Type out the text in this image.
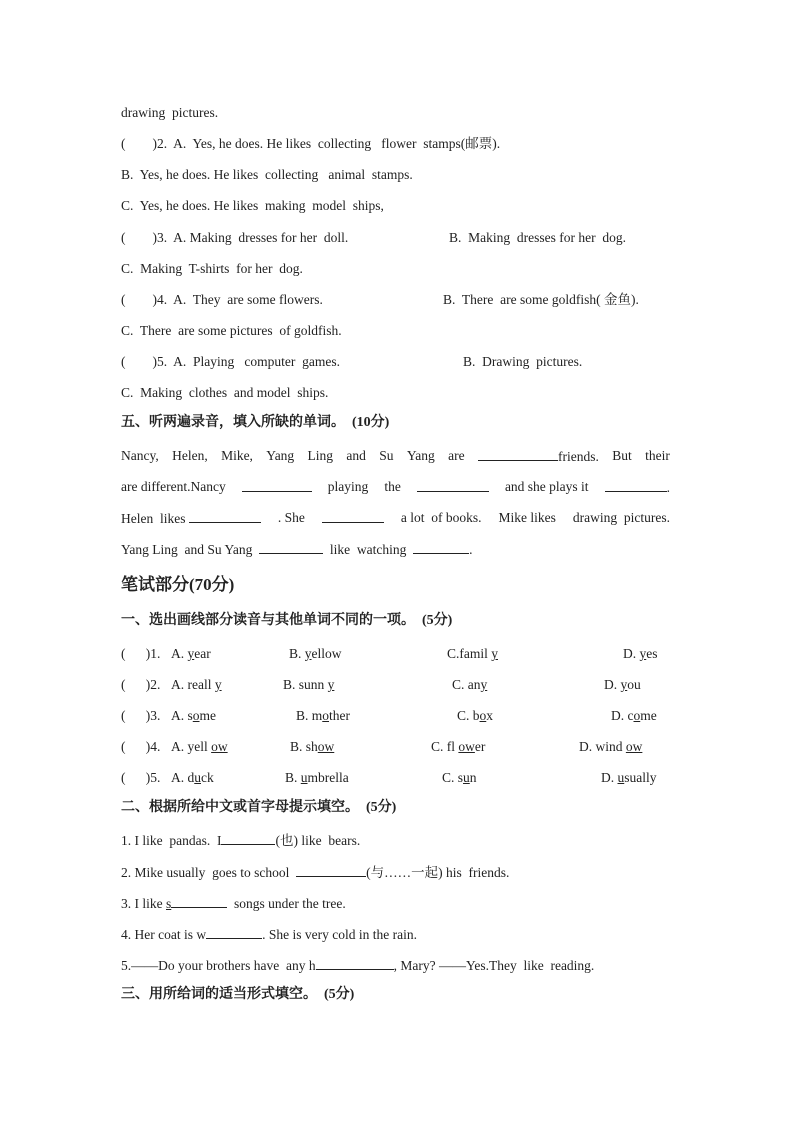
drawing  pictures.
(        )2.  A.  Yes, he does. He likes  collecting   flower  stamps(邮票).
B.  Yes, he does. He likes  collecting   animal  stamps.
C.  Yes, he does. He likes  making  model  ships,
(        )3.  A. Making  dresses for her  doll.	B.  Making  dresses for her  dog.
C.  Making  T-shirts  for her  dog.
(        )4.  A.  They  are some flowers.	B.  There  are some goldfish( 金鱼).
C.  There  are some pictures  of goldfish.
(        )5.  A.  Playing   computer  games.	B.  Drawing  pictures.
C.  Making  clothes  and model  ships.
五、听两遍录音，填入所缺的单词。  (10分)
Nancy, Helen, Mike, Yang Ling and Su Yang are	friends. But their
are different.Nancy	playing the	and she plays it	.
Helen  likes	. She	a lot  of books. Mike likes drawing  pictures.
Yang Ling  and Su Yang	like  watching	.
笔试部分(70分)
一、选出画线部分读音与其他单词不同的一项。  (5分)
(      )1. A. year	B. yellow	C.famil y	D. yes
(      )2. A. reall y	B. sunn y	C. any	D. you
(      )3. A. some	B. mother	C. box	D. come
(      )4. A. yell ow	B. show	C. fl ower	D. wind ow
(      )5. A. duck	B. umbrella	C. sun	D. usually
二、根据所给中文或首字母提示填空。  (5分)
1. I like  pandas.  I	(也) like  bears.
2. Mike usually  goes to school	(与……一起) his  friends.
3. I like s	songs under the tree.
4. Her coat is w	. She is very cold in the rain.
5.——Do your brothers have  any h	, Mary? ——Yes.They  like  reading.
三、用所给词的适当形式填空。  (5分)
